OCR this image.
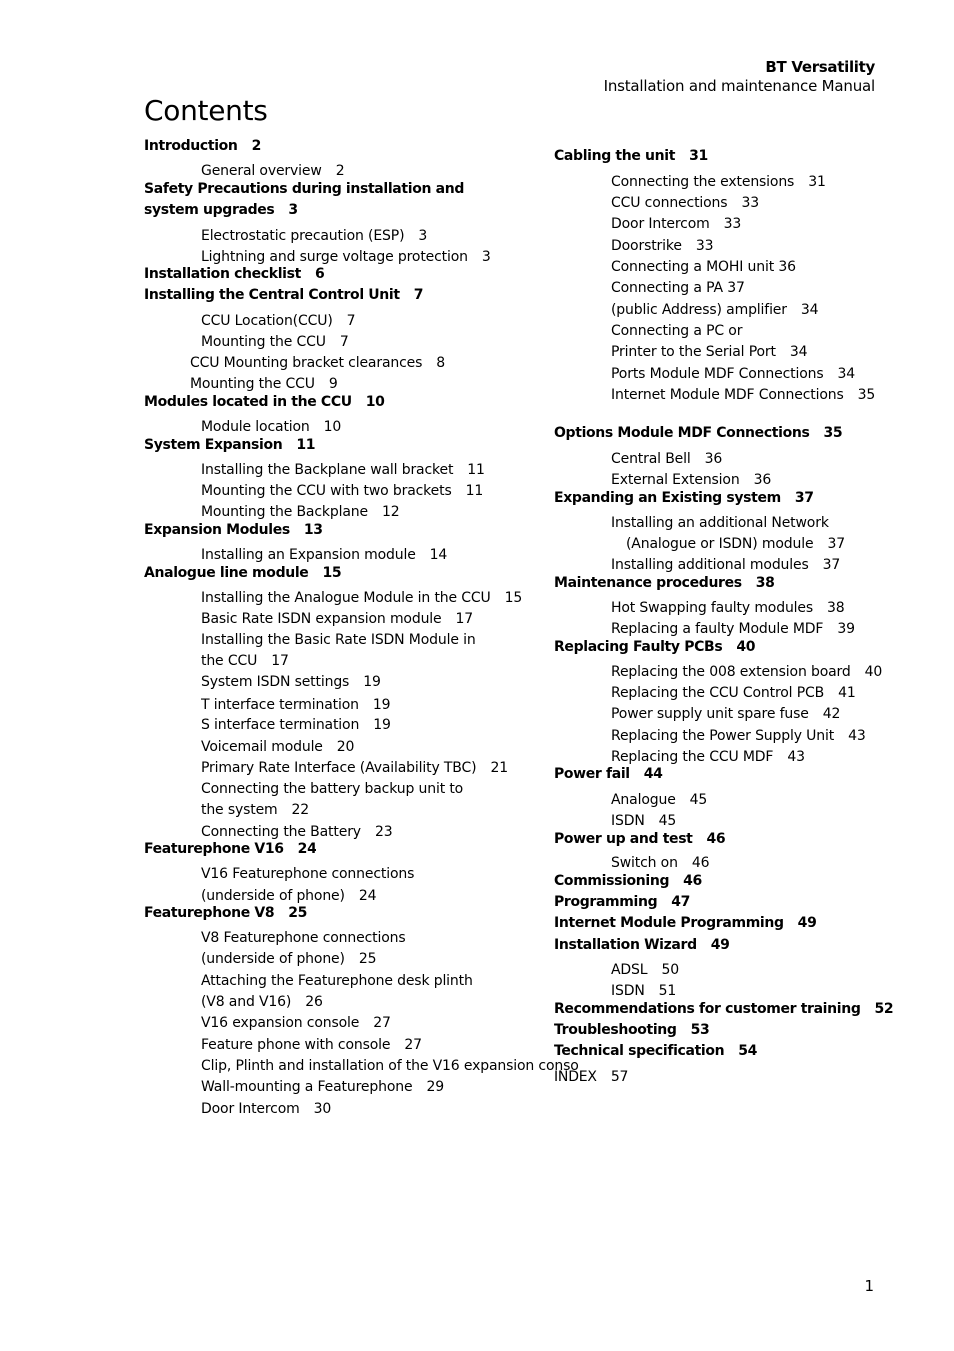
BT Versatility
Installation and maintenance Manual
Contents
Introduction 2
General overview 2
Safety Precautions during installation and
system upgrades 3
Electrostatic precaution (ESP) 3
Lightning and surge voltage protection 3
Installation checklist 6
Installing the Central Control Unit 7
CCU Location(CCU) 7
Mounting the CCU 7
CCU Mounting bracket clearances 8
Mounting the CCU 9
Modules located in the CCU 10
Module location 10
System Expansion 11
Installing the Backplane wall bracket 11
Mounting the CCU with two brackets 11
Mounting the Backplane 12
Expansion Modules 13
Installing an Expansion module 14
Analogue line module 15
Installing the Analogue Module in the CCU 15
Basic Rate ISDN expansion module 17
Installing the Basic Rate ISDN Module in
the CCU 17
System ISDN settings 19
T interface termination 19
S interface termination 19
Voicemail module 20
Primary Rate Interface (Availability TBC) 21
Connecting the battery backup unit to
the system 22
Connecting the Battery 23
Featurephone V16 24
V16 Featurephone connections
(underside of phone) 24
Featurephone V8 25
V8 Featurephone connections
(underside of phone) 25
Attaching the Featurephone desk plinth
(V8 and V16) 26
V16 expansion console 27
Feature phone with console 27
Clip, Plinth and installation of the V16 expansion conso
Wall-mounting a Featurephone 29
Door Intercom 30
Cabling the unit 31
Connecting the extensions 31
CCU connections 33
Door Intercom 33
Doorstrike 33
Connecting a MOHI unit 36
Connecting a PA 37
(public Address) amplifier 34
Connecting a PC or
Printer to the Serial Port 34
Ports Module MDF Connections 34
Internet Module MDF Connections 35
Options Module MDF Connections 35
Central Bell 36
External Extension 36
Expanding an Existing system 37
Installing an additional Network
(Analogue or ISDN) module 37
Installing additional modules 37
Maintenance procedures 38
Hot Swapping faulty modules 38
Replacing a faulty Module MDF 39
Replacing Faulty PCBs 40
Replacing the 008 extension board 40
Replacing the CCU Control PCB 41
Power supply unit spare fuse 42
Replacing the Power Supply Unit 43
Replacing the CCU MDF 43
Power fail 44
Analogue 45
ISDN 45
Power up and test 46
Switch on 46
Commissioning 46
Programming 47
Internet Module Programming 49
Installation Wizard 49
ADSL 50
ISDN 51
Recommendations for customer training 52
Troubleshooting 53
Technical specification 54
INDEX 57
1
